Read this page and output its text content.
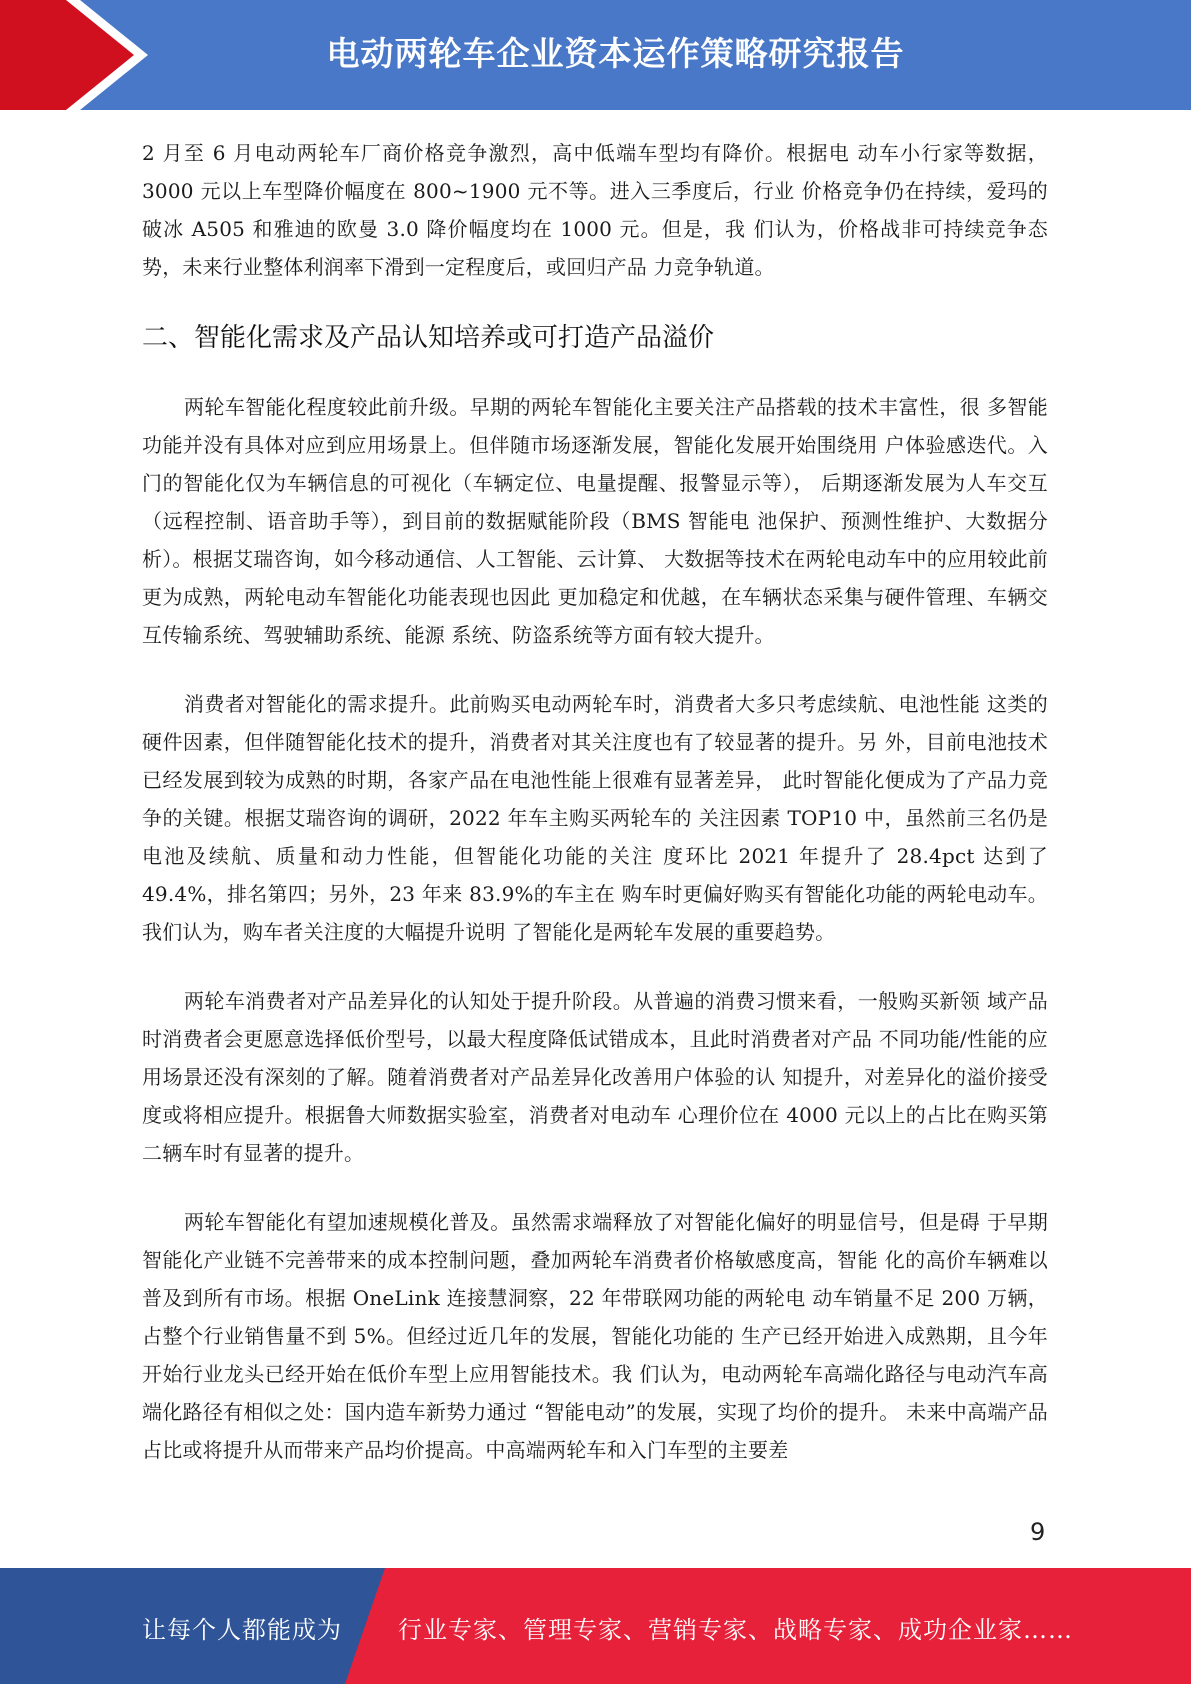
电动两轮车企业资本运作策略研究报告

2 月至 6 月电动两轮车厂商价格竞争激烈，高中低端车型均有降价。根据电 动车小行家等数据，3000 元以上车型降价幅度在 800~1900 元不等。进入三季度后，行业 价格竞争仍在持续，爱玛的破冰 A505 和雅迪的欧曼 3.0 降价幅度均在 1000 元。但是，我 们认为，价格战非可持续竞争态势，未来行业整体利润率下滑到一定程度后，或回归产品 力竞争轨道。

二、智能化需求及产品认知培养或可打造产品溢价

两轮车智能化程度较此前升级。早期的两轮车智能化主要关注产品搭载的技术丰富性，很 多智能功能并没有具体对应到应用场景上。但伴随市场逐渐发展，智能化发展开始围绕用 户体验感迭代。入门的智能化仅为车辆信息的可视化（车辆定位、电量提醒、报警显示等）， 后期逐渐发展为人车交互（远程控制、语音助手等），到目前的数据赋能阶段（BMS 智能电 池保护、预测性维护、大数据分析）。根据艾瑞咨询，如今移动通信、人工智能、云计算、 大数据等技术在两轮电动车中的应用较此前更为成熟，两轮电动车智能化功能表现也因此 更加稳定和优越，在车辆状态采集与硬件管理、车辆交互传输系统、驾驶辅助系统、能源 系统、防盗系统等方面有较大提升。

消费者对智能化的需求提升。此前购买电动两轮车时，消费者大多只考虑续航、电池性能 这类的硬件因素，但伴随智能化技术的提升，消费者对其关注度也有了较显著的提升。另 外，目前电池技术已经发展到较为成熟的时期，各家产品在电池性能上很难有显著差异， 此时智能化便成为了产品力竞争的关键。根据艾瑞咨询的调研，2022 年车主购买两轮车的 关注因素 TOP10 中，虽然前三名仍是电池及续航、质量和动力性能，但智能化功能的关注 度环比 2021 年提升了 28.4pct 达到了 49.4%，排名第四；另外，23 年来 83.9%的车主在 购车时更偏好购买有智能化功能的两轮电动车。我们认为，购车者关注度的大幅提升说明 了智能化是两轮车发展的重要趋势。

两轮车消费者对产品差异化的认知处于提升阶段。从普遍的消费习惯来看，一般购买新领 域产品时消费者会更愿意选择低价型号，以最大程度降低试错成本，且此时消费者对产品 不同功能/性能的应用场景还没有深刻的了解。随着消费者对产品差异化改善用户体验的认 知提升，对差异化的溢价接受度或将相应提升。根据鲁大师数据实验室，消费者对电动车 心理价位在 4000 元以上的占比在购买第二辆车时有显著的提升。

两轮车智能化有望加速规模化普及。虽然需求端释放了对智能化偏好的明显信号，但是碍 于早期智能化产业链不完善带来的成本控制问题，叠加两轮车消费者价格敏感度高，智能 化的高价车辆难以普及到所有市场。根据 OneLink 连接慧洞察，22 年带联网功能的两轮电 动车销量不足 200 万辆，占整个行业销售量不到 5%。但经过近几年的发展，智能化功能的 生产已经开始进入成熟期，且今年开始行业龙头已经开始在低价车型上应用智能技术。我 们认为，电动两轮车高端化路径与电动汽车高端化路径有相似之处：国内造车新势力通过 “智能电动”的发展，实现了均价的提升。 未来中高端产品占比或将提升从而带来产品均价提高。中高端两轮车和入门车型的主要差

9
让每个人都能成为 行业专家、管理专家、营销专家、战略专家、成功企业家……
